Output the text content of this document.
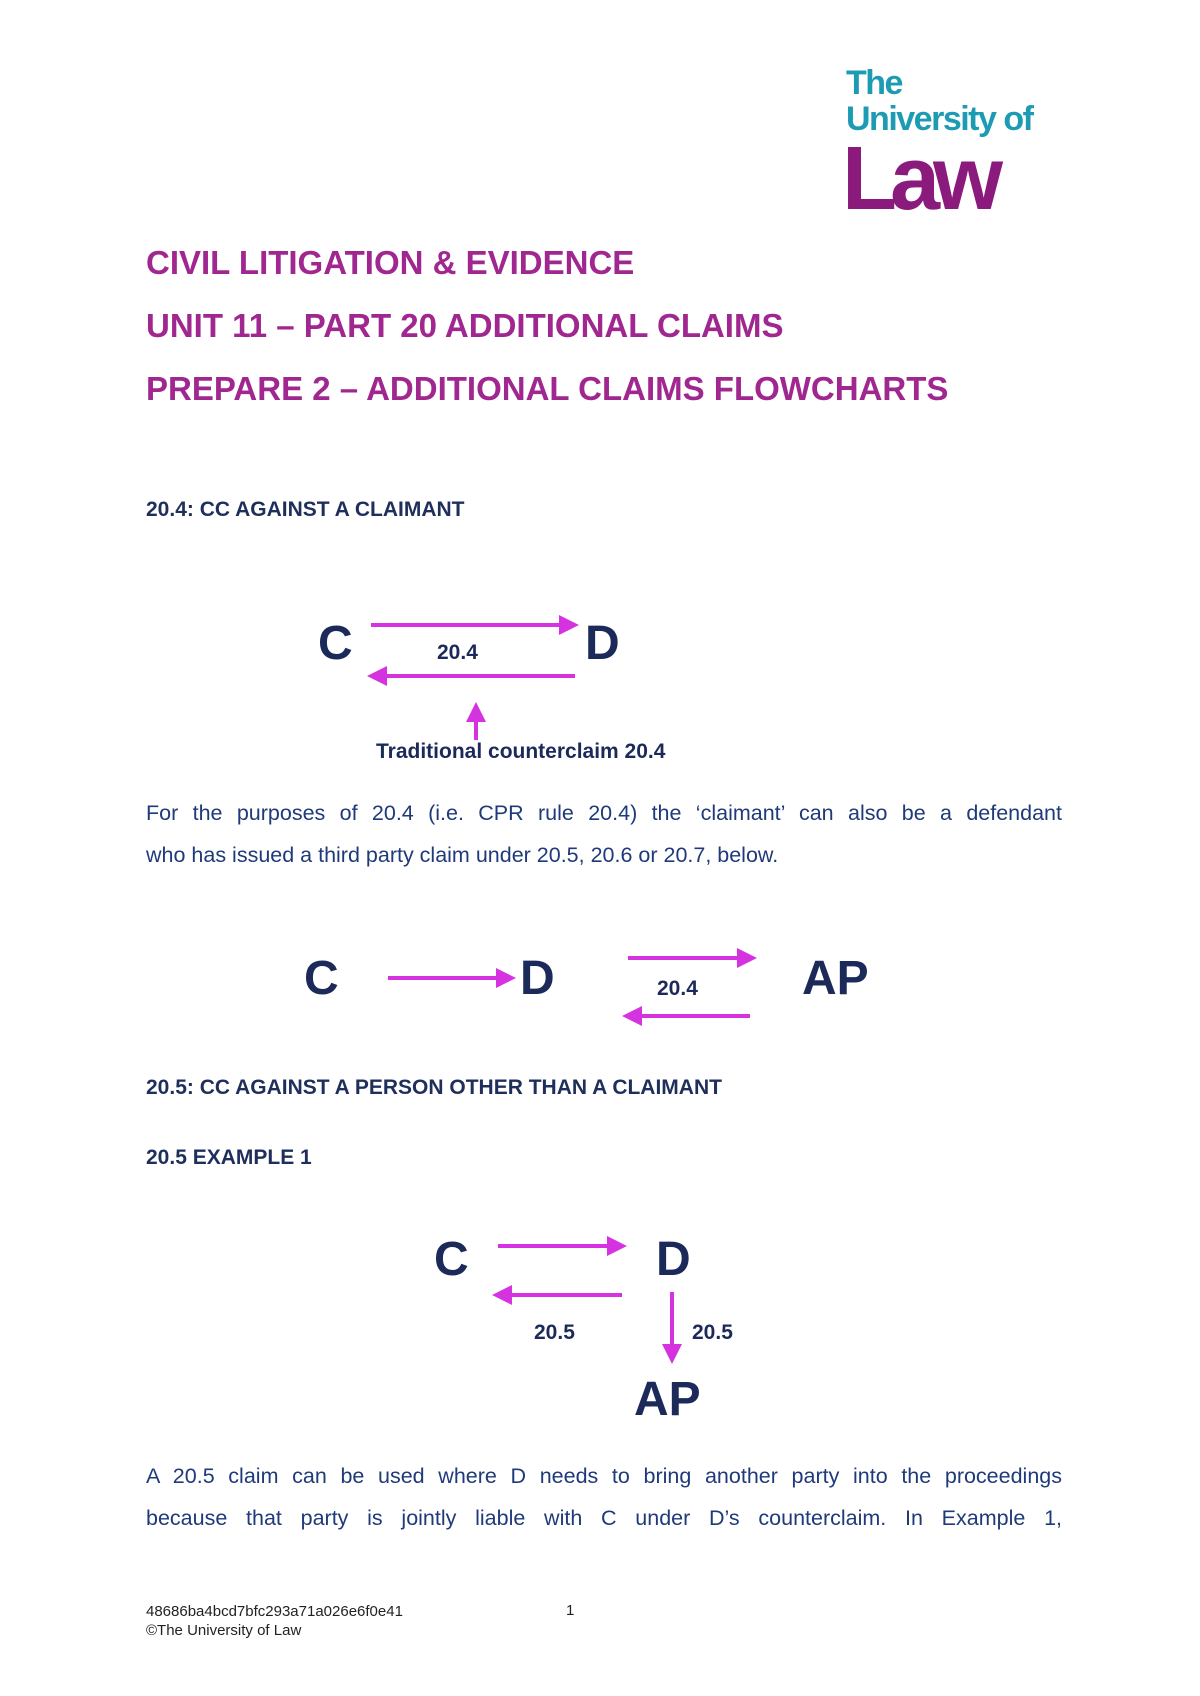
The
University of
Law
CIVIL LITIGATION & EVIDENCE
UNIT 11 – PART 20 ADDITIONAL CLAIMS
PREPARE 2 – ADDITIONAL CLAIMS FLOWCHARTS
20.4: CC AGAINST A CLAIMANT
C	D
20.4
Traditional counterclaim 20.4
For the purposes of 20.4 (i.e. CPR rule 20.4) the ‘claimant’ can also be a defendant
who has issued a third party claim under 20.5, 20.6 or 20.7, below.
C	D	20.4 AP
20.5: CC AGAINST A PERSON OTHER THAN A CLAIMANT
20.5 EXAMPLE 1
C	D
20.5	20.5
AP
A 20.5 claim can be used where D needs to bring another party into the proceedings
because that party is jointly liable with C under D’s counterclaim. In Example 1,
48686ba4bcd7bfc293a71a026e6f0e41
©The University of Law
1
